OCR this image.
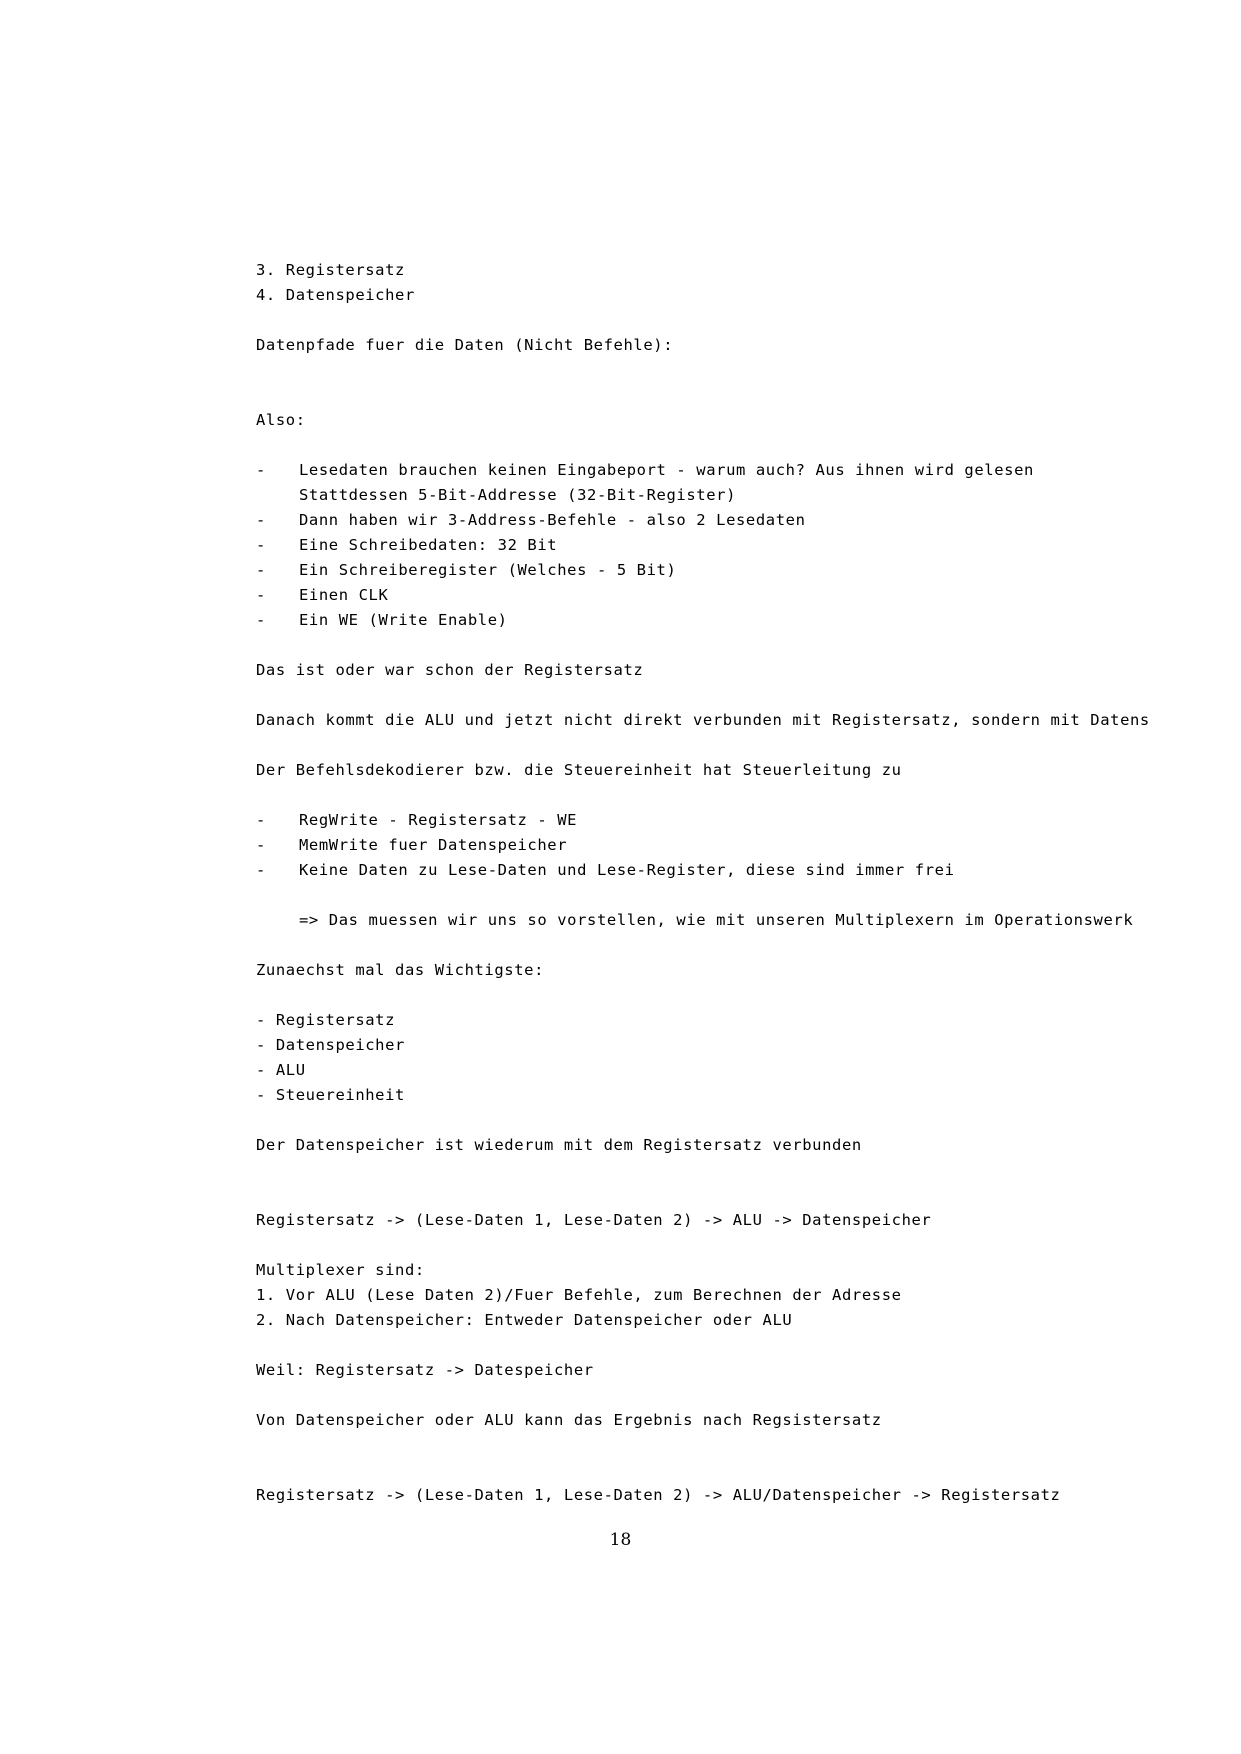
3. Registersatz
4. Datenspeicher
Datenpfade fuer die Daten (Nicht Befehle):
Also:
-	Lesedaten brauchen keinen Eingabeport - warum auch? Aus ihnen wird gelesen
Stattdessen 5-Bit-Addresse (32-Bit-Register)
-	Dann haben wir 3-Address-Befehle - also 2 Lesedaten
-	Eine Schreibedaten: 32 Bit
-	Ein Schreiberegister (Welches - 5 Bit)
-	Einen CLK
-	Ein WE (Write Enable)
Das ist oder war schon der Registersatz
Danach kommt die ALU und jetzt nicht direkt verbunden mit Registersatz, sondern mit Datens
Der Befehlsdekodierer bzw. die Steuereinheit hat Steuerleitung zu
-	RegWrite - Registersatz - WE
-	MemWrite fuer Datenspeicher
-	Keine Daten zu Lese-Daten und Lese-Register, diese sind immer frei
=> Das muessen wir uns so vorstellen, wie mit unseren Multiplexern im Operationswerk
Zunaechst mal das Wichtigste:
- Registersatz
- Datenspeicher
- ALU
- Steuereinheit
Der Datenspeicher ist wiederum mit dem Registersatz verbunden
Registersatz -> (Lese-Daten 1, Lese-Daten 2) -> ALU -> Datenspeicher
Multiplexer sind:
1. Vor ALU (Lese Daten 2)/Fuer Befehle, zum Berechnen der Adresse
2. Nach Datenspeicher: Entweder Datenspeicher oder ALU
Weil: Registersatz -> Datespeicher
Von Datenspeicher oder ALU kann das Ergebnis nach Regsistersatz
Registersatz -> (Lese-Daten 1, Lese-Daten 2) -> ALU/Datenspeicher -> Registersatz
18
